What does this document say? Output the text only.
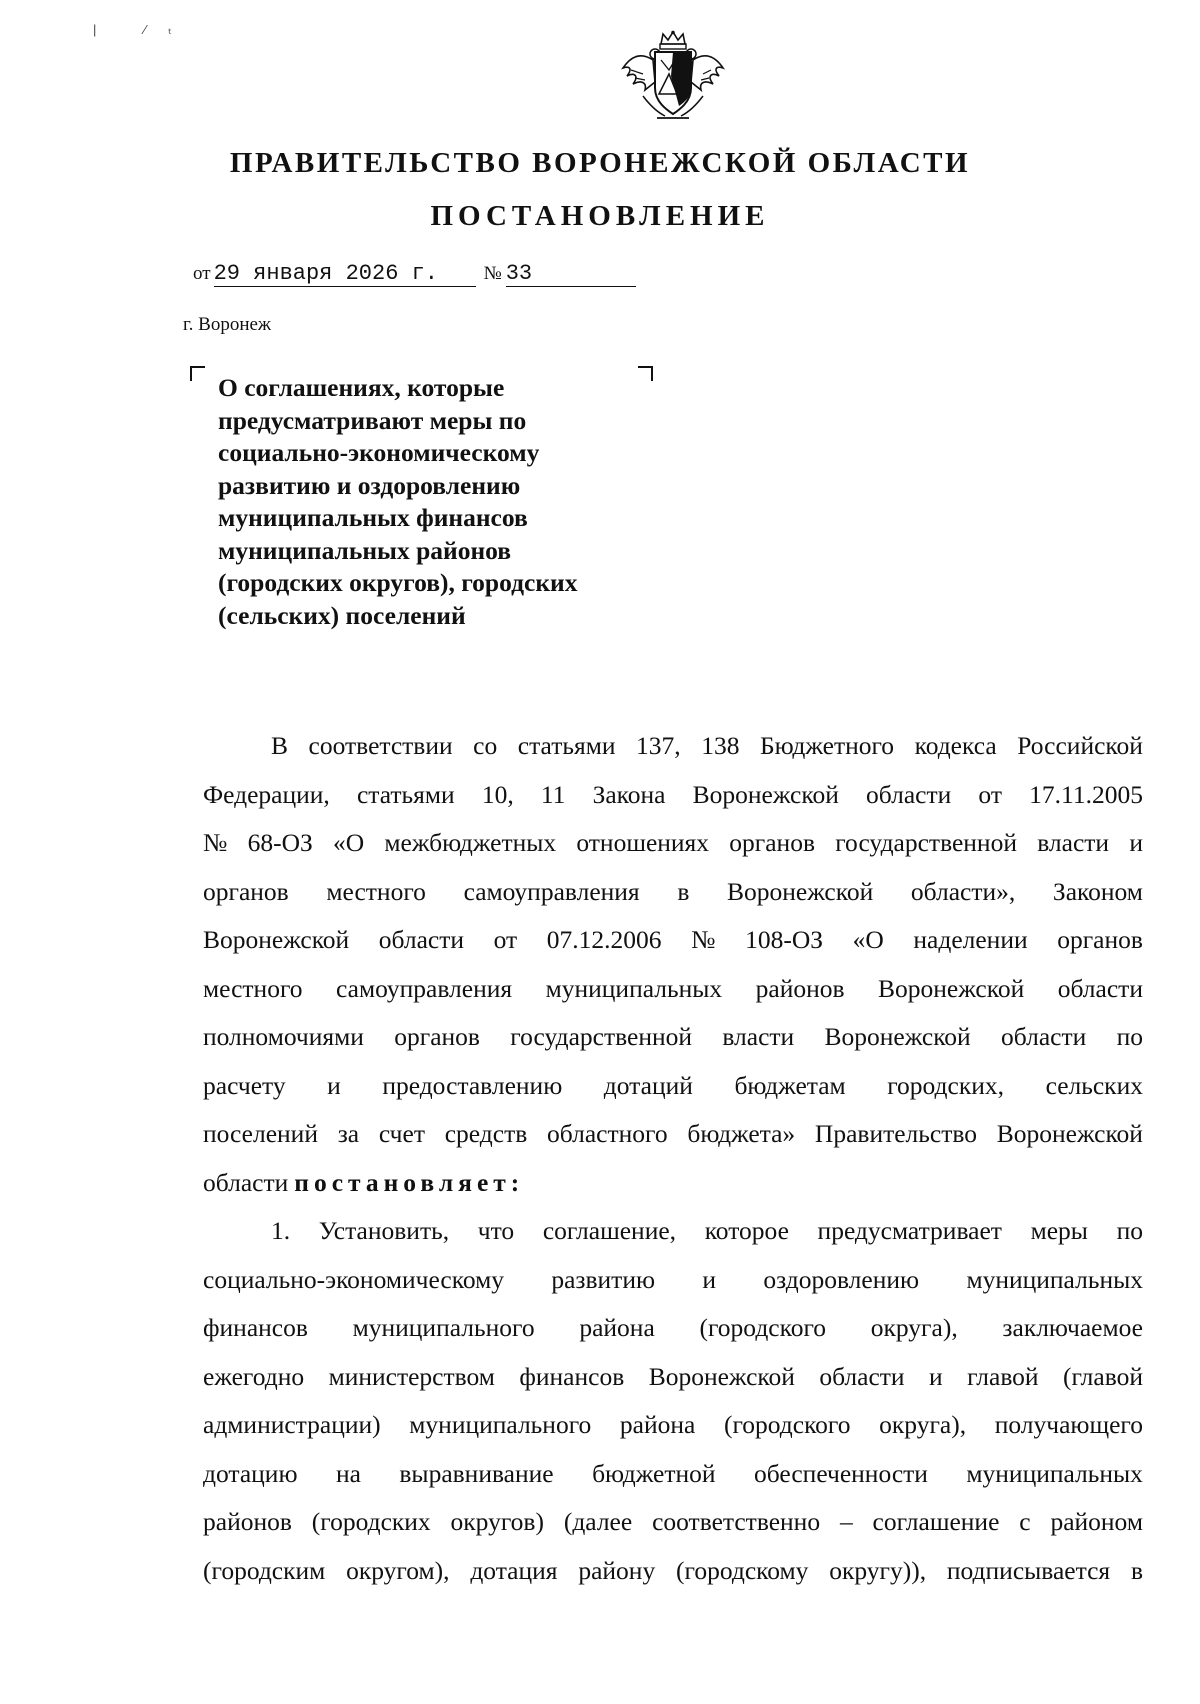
| ⁄ₜ
ПРАВИТЕЛЬСТВО ВОРОНЕЖСКОЙ ОБЛАСТИ
ПОСТАНОВЛЕНИЕ
от 29 января 2026 г. № 33
г. Воронеж
О соглашениях, которые
предусматривают меры по
социально-экономическому
развитию и оздоровлению
муниципальных финансов
муниципальных районов
(городских округов), городских
(сельских) поселений
В соответствии со статьями 137, 138 Бюджетного кодекса Российской
Федерации, статьями 10, 11 Закона Воронежской области от 17.11.2005
№ 68-ОЗ «О межбюджетных отношениях органов государственной власти и
органов местного самоуправления в Воронежской области», Законом
Воронежской области от 07.12.2006 № 108-ОЗ «О наделении органов
местного самоуправления муниципальных районов Воронежской области
полномочиями органов государственной власти Воронежской области по
расчету и предоставлению дотаций бюджетам городских, сельских
поселений за счет средств областного бюджета» Правительство Воронежской
области постановляет:
1. Установить, что соглашение, которое предусматривает меры по
социально-экономическому развитию и оздоровлению муниципальных
финансов муниципального района (городского округа), заключаемое
ежегодно министерством финансов Воронежской области и главой (главой
администрации) муниципального района (городского округа), получающего
дотацию на выравнивание бюджетной обеспеченности муниципальных
районов (городских округов) (далее соответственно – соглашение с районом
(городским округом), дотация району (городскому округу)), подписывается в
